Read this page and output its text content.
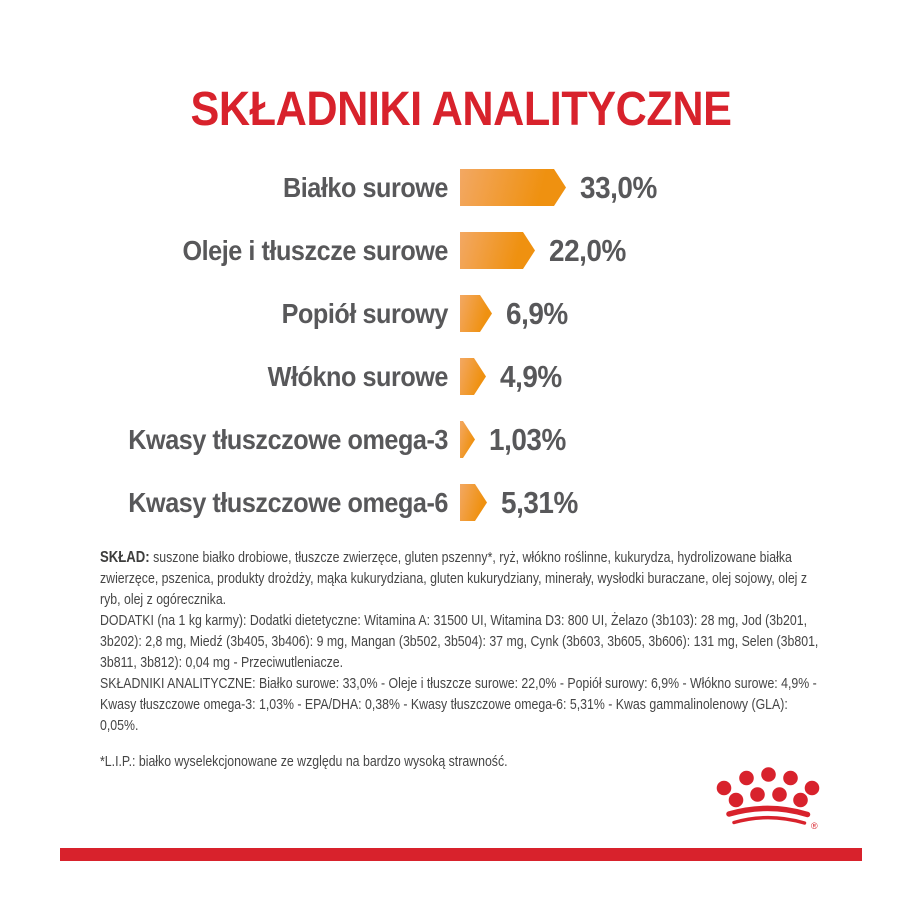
SKŁADNIKI ANALITYCZNE
Białko surowe	33,0%
Oleje i tłuszcze surowe	22,0%
Popiół surowy 6,9%
Włókno surowe 4,9%
Kwasy tłuszczowe omega-3 1,03%
Kwasy tłuszczowe omega-6 5,31%

SKŁAD: suszone białko drobiowe, tłuszcze zwierzęce, gluten pszenny*, ryż, włókno roślinne, kukurydza, hydrolizowane białka zwierzęce, pszenica, produkty drożdży, mąka kukurydziana, gluten kukurydziany, minerały, wysłodki buraczane, olej sojowy, olej z ryb, olej z ogórecznika.

DODATKI (na 1 kg karmy): Dodatki dietetyczne: Witamina A: 31500 UI, Witamina D3: 800 UI, Żelazo (3b103): 28 mg, Jod (3b201, 3b202): 2,8 mg, Miedź (3b405, 3b406): 9 mg, Mangan (3b502, 3b504): 37 mg, Cynk (3b603, 3b605, 3b606): 131 mg, Selen (3b801, 3b811, 3b812): 0,04 mg - Przeciwutleniacze.

SKŁADNIKI ANALITYCZNE: Białko surowe: 33,0% - Oleje i tłuszcze surowe: 22,0% - Popiół surowy: 6,9% - Włókno surowe: 4,9% - Kwasy tłuszczowe omega-3: 1,03% - EPA/DHA: 0,38% - Kwasy tłuszczowe omega-6: 5,31% - Kwas gammalinolenowy (GLA): 0,05%.

*L.I.P.: białko wyselekcjonowane ze względu na bardzo wysoką strawność.

®
